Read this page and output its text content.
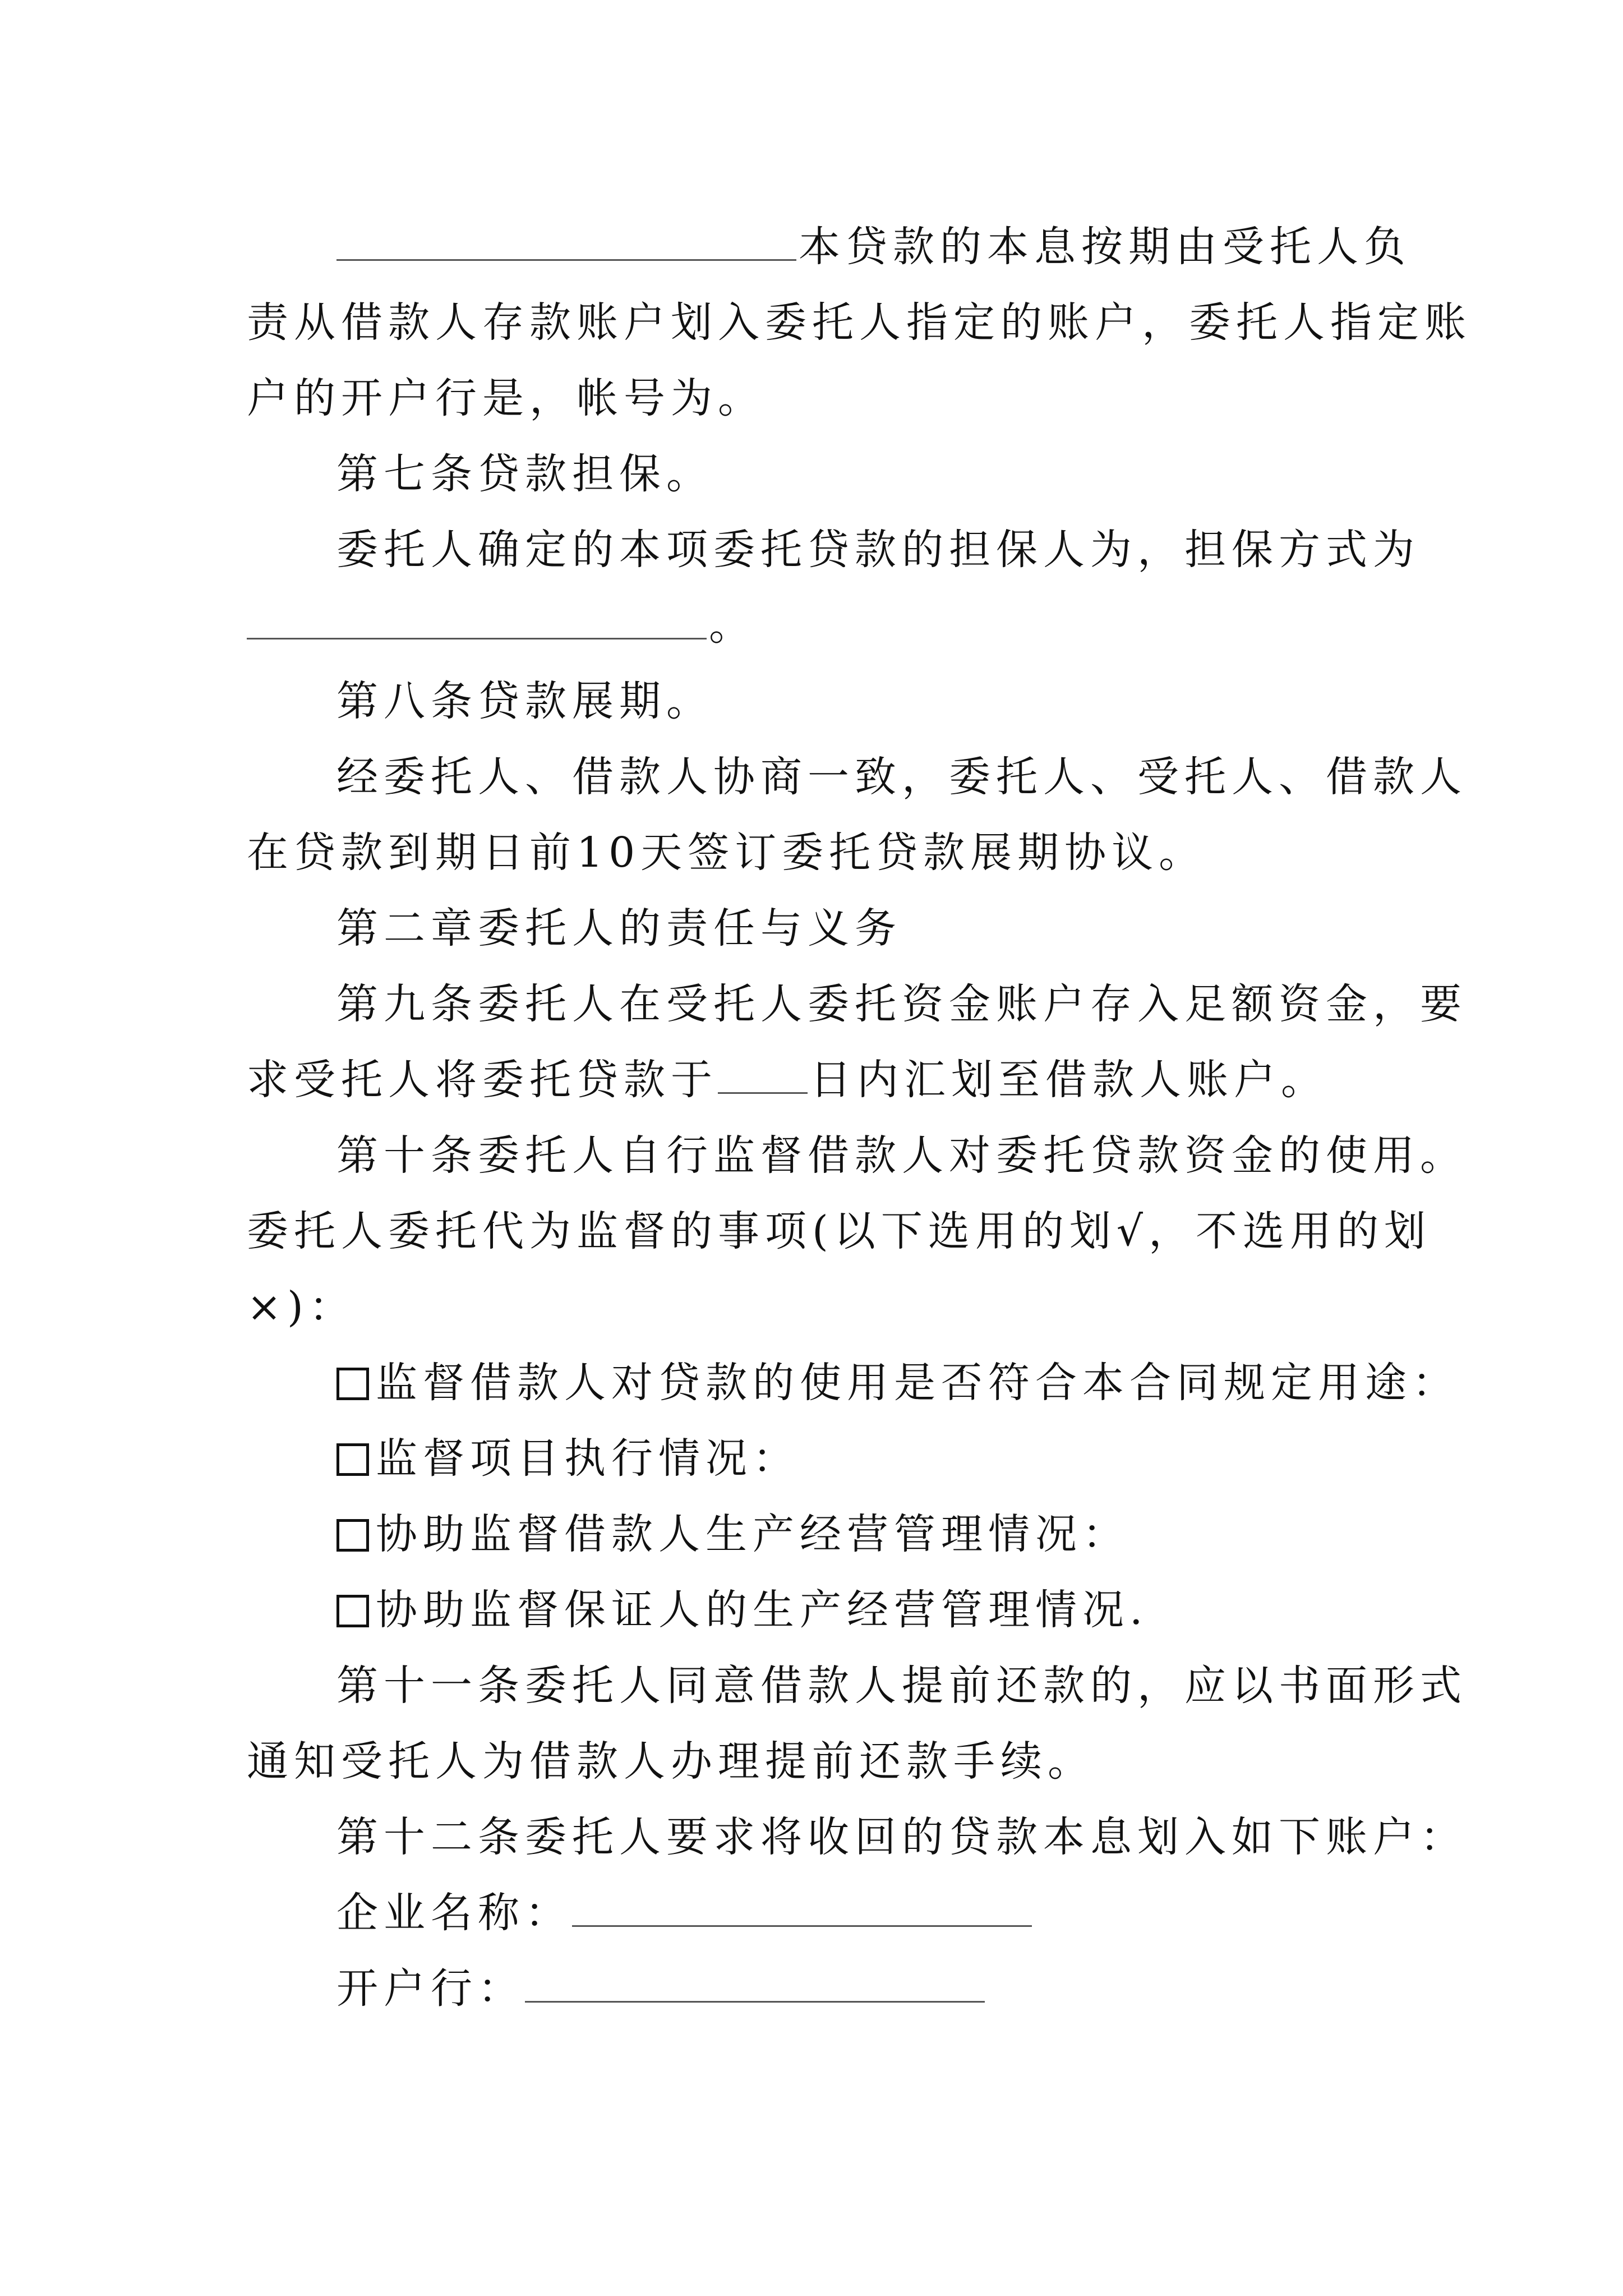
本贷款的本息按期由受托人负
责从借款人存款账户划入委托人指定的账户，委托人指定账
户的开户行是，帐号为。
第七条贷款担保。
委托人确定的本项委托贷款的担保人为，担保方式为
。
第八条贷款展期。
经委托人、借款人协商一致，委托人、受托人、借款人
在贷款到期日前10天签订委托贷款展期协议。
第二章委托人的责任与义务
第九条委托人在受托人委托资金账户存入足额资金，要
求受托人将委托贷款于 日内汇划至借款人账户。
第十条委托人自行监督借款人对委托贷款资金的使用。
委托人委托代为监督的事项(以下选用的划√，不选用的划
×)：
监督借款人对贷款的使用是否符合本合同规定用途：
监督项目执行情况：
协助监督借款人生产经营管理情况：
协助监督保证人的生产经营管理情况.
第十一条委托人同意借款人提前还款的，应以书面形式
通知受托人为借款人办理提前还款手续。
第十二条委托人要求将收回的贷款本息划入如下账户：
企业名称：
开户行：
